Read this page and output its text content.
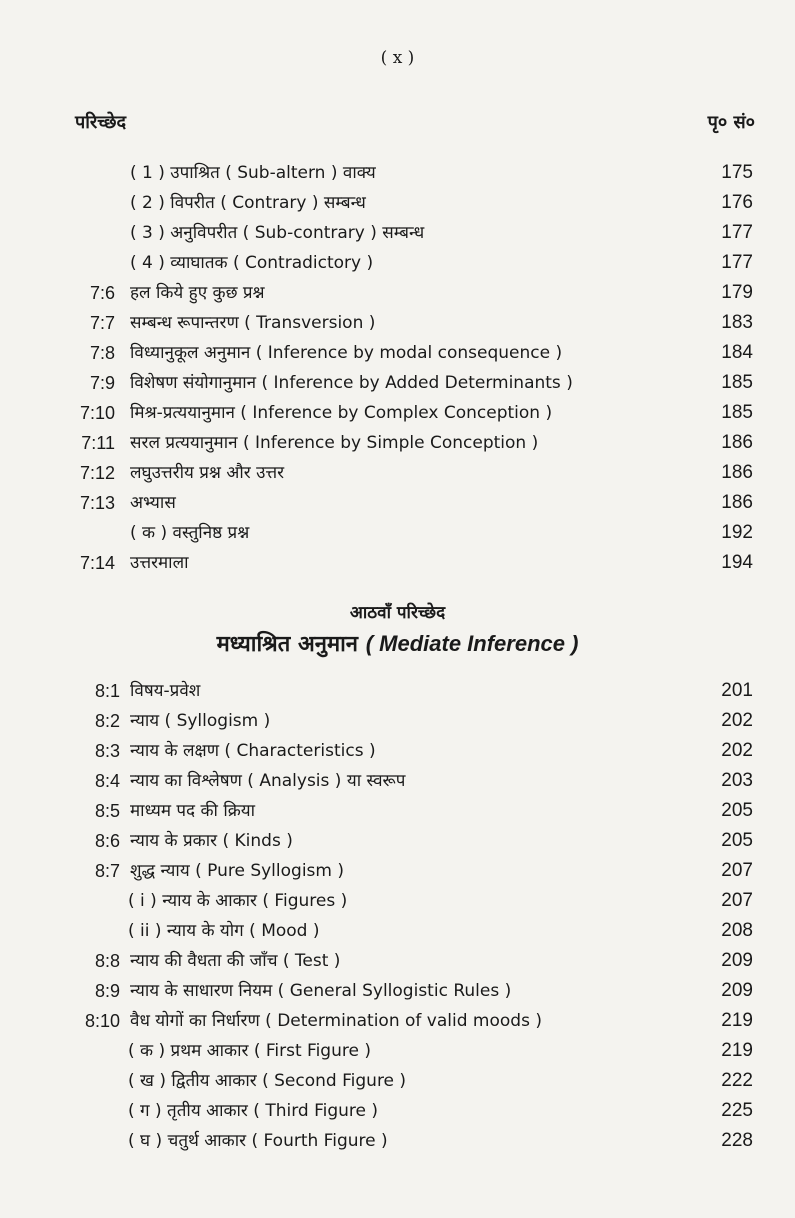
( x )
परिच्छेद	पृ० सं०
( 1 ) उपाश्रित ( Sub-altern ) वाक्य	175
( 2 ) विपरीत ( Contrary ) सम्बन्ध	176
( 3 ) अनुविपरीत ( Sub-contrary ) सम्बन्ध	177
( 4 ) व्याघातक ( Contradictory )	177
7:6 हल किये हुए कुछ प्रश्न	179
7:7 सम्बन्ध रूपान्तरण ( Transversion )	183
7:8 विध्यानुकूल अनुमान ( Inference by modal consequence )	184
7:9 विशेषण संयोगानुमान ( Inference by Added Determinants )	185
7:10 मिश्र-प्रत्ययानुमान ( Inference by Complex Conception )	185
7:11 सरल प्रत्ययानुमान ( Inference by Simple Conception )	186
7:12 लघुउत्तरीय प्रश्न और उत्तर	186
7:13 अभ्यास	186
( क ) वस्तुनिष्ठ प्रश्न	192
7:14 उत्तरमाला	194
आठवाँ परिच्छेद
मध्याश्रित अनुमान ( Mediate Inference )
8:1 विषय-प्रवेश	201
8:2 न्याय ( Syllogism )	202
8:3 न्याय के लक्षण ( Characteristics )	202
8:4 न्याय का विश्लेषण ( Analysis ) या स्वरूप	203
8:5 माध्यम पद की क्रिया	205
8:6 न्याय के प्रकार ( Kinds )	205
8:7 शुद्ध न्याय ( Pure Syllogism )	207
( i ) न्याय के आकार ( Figures )	207
( ii ) न्याय के योग ( Mood )	208
8:8 न्याय की वैधता की जाँच ( Test )	209
8:9 न्याय के साधारण नियम ( General Syllogistic Rules )	209
8:10 वैध योगों का निर्धारण ( Determination of valid moods )	219
( क ) प्रथम आकार ( First Figure )	219
( ख ) द्वितीय आकार ( Second Figure )	222
( ग ) तृतीय आकार ( Third Figure )	225
( घ ) चतुर्थ आकार ( Fourth Figure )	228
